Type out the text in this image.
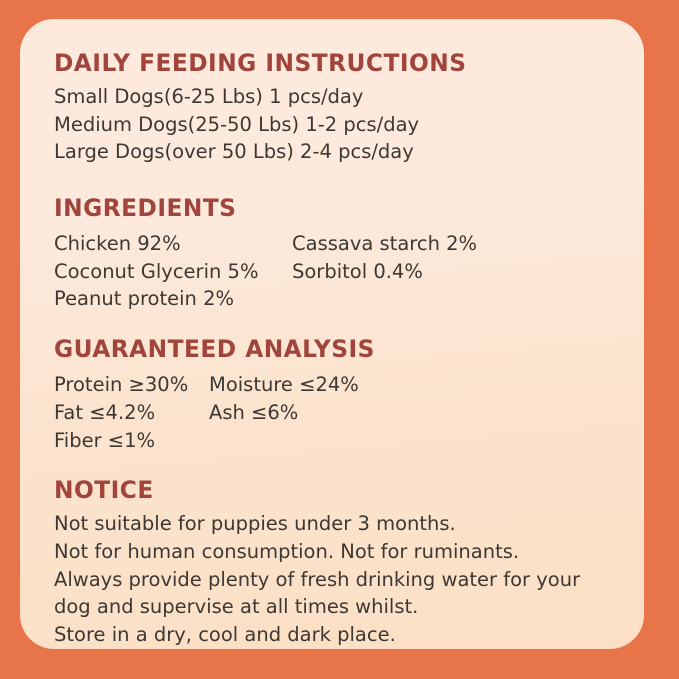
DAILY FEEDING INSTRUCTIONS
Small Dogs(6-25 Lbs) 1 pcs/day
Medium Dogs(25-50 Lbs) 1-2 pcs/day
Large Dogs(over 50 Lbs) 2-4 pcs/day
INGREDIENTS
Chicken 92%	Cassava starch 2%
Coconut Glycerin 5%	Sorbitol 0.4%
Peanut protein 2%
GUARANTEED ANALYSIS
Protein ≥30%	Moisture ≤24%
Fat ≤4.2%	Ash ≤6%
Fiber ≤1%
NOTICE
Not suitable for puppies under 3 months.
Not for human consumption. Not for ruminants.
Always provide plenty of fresh drinking water for your dog and supervise at all times whilst.
Store in a dry, cool and dark place.
